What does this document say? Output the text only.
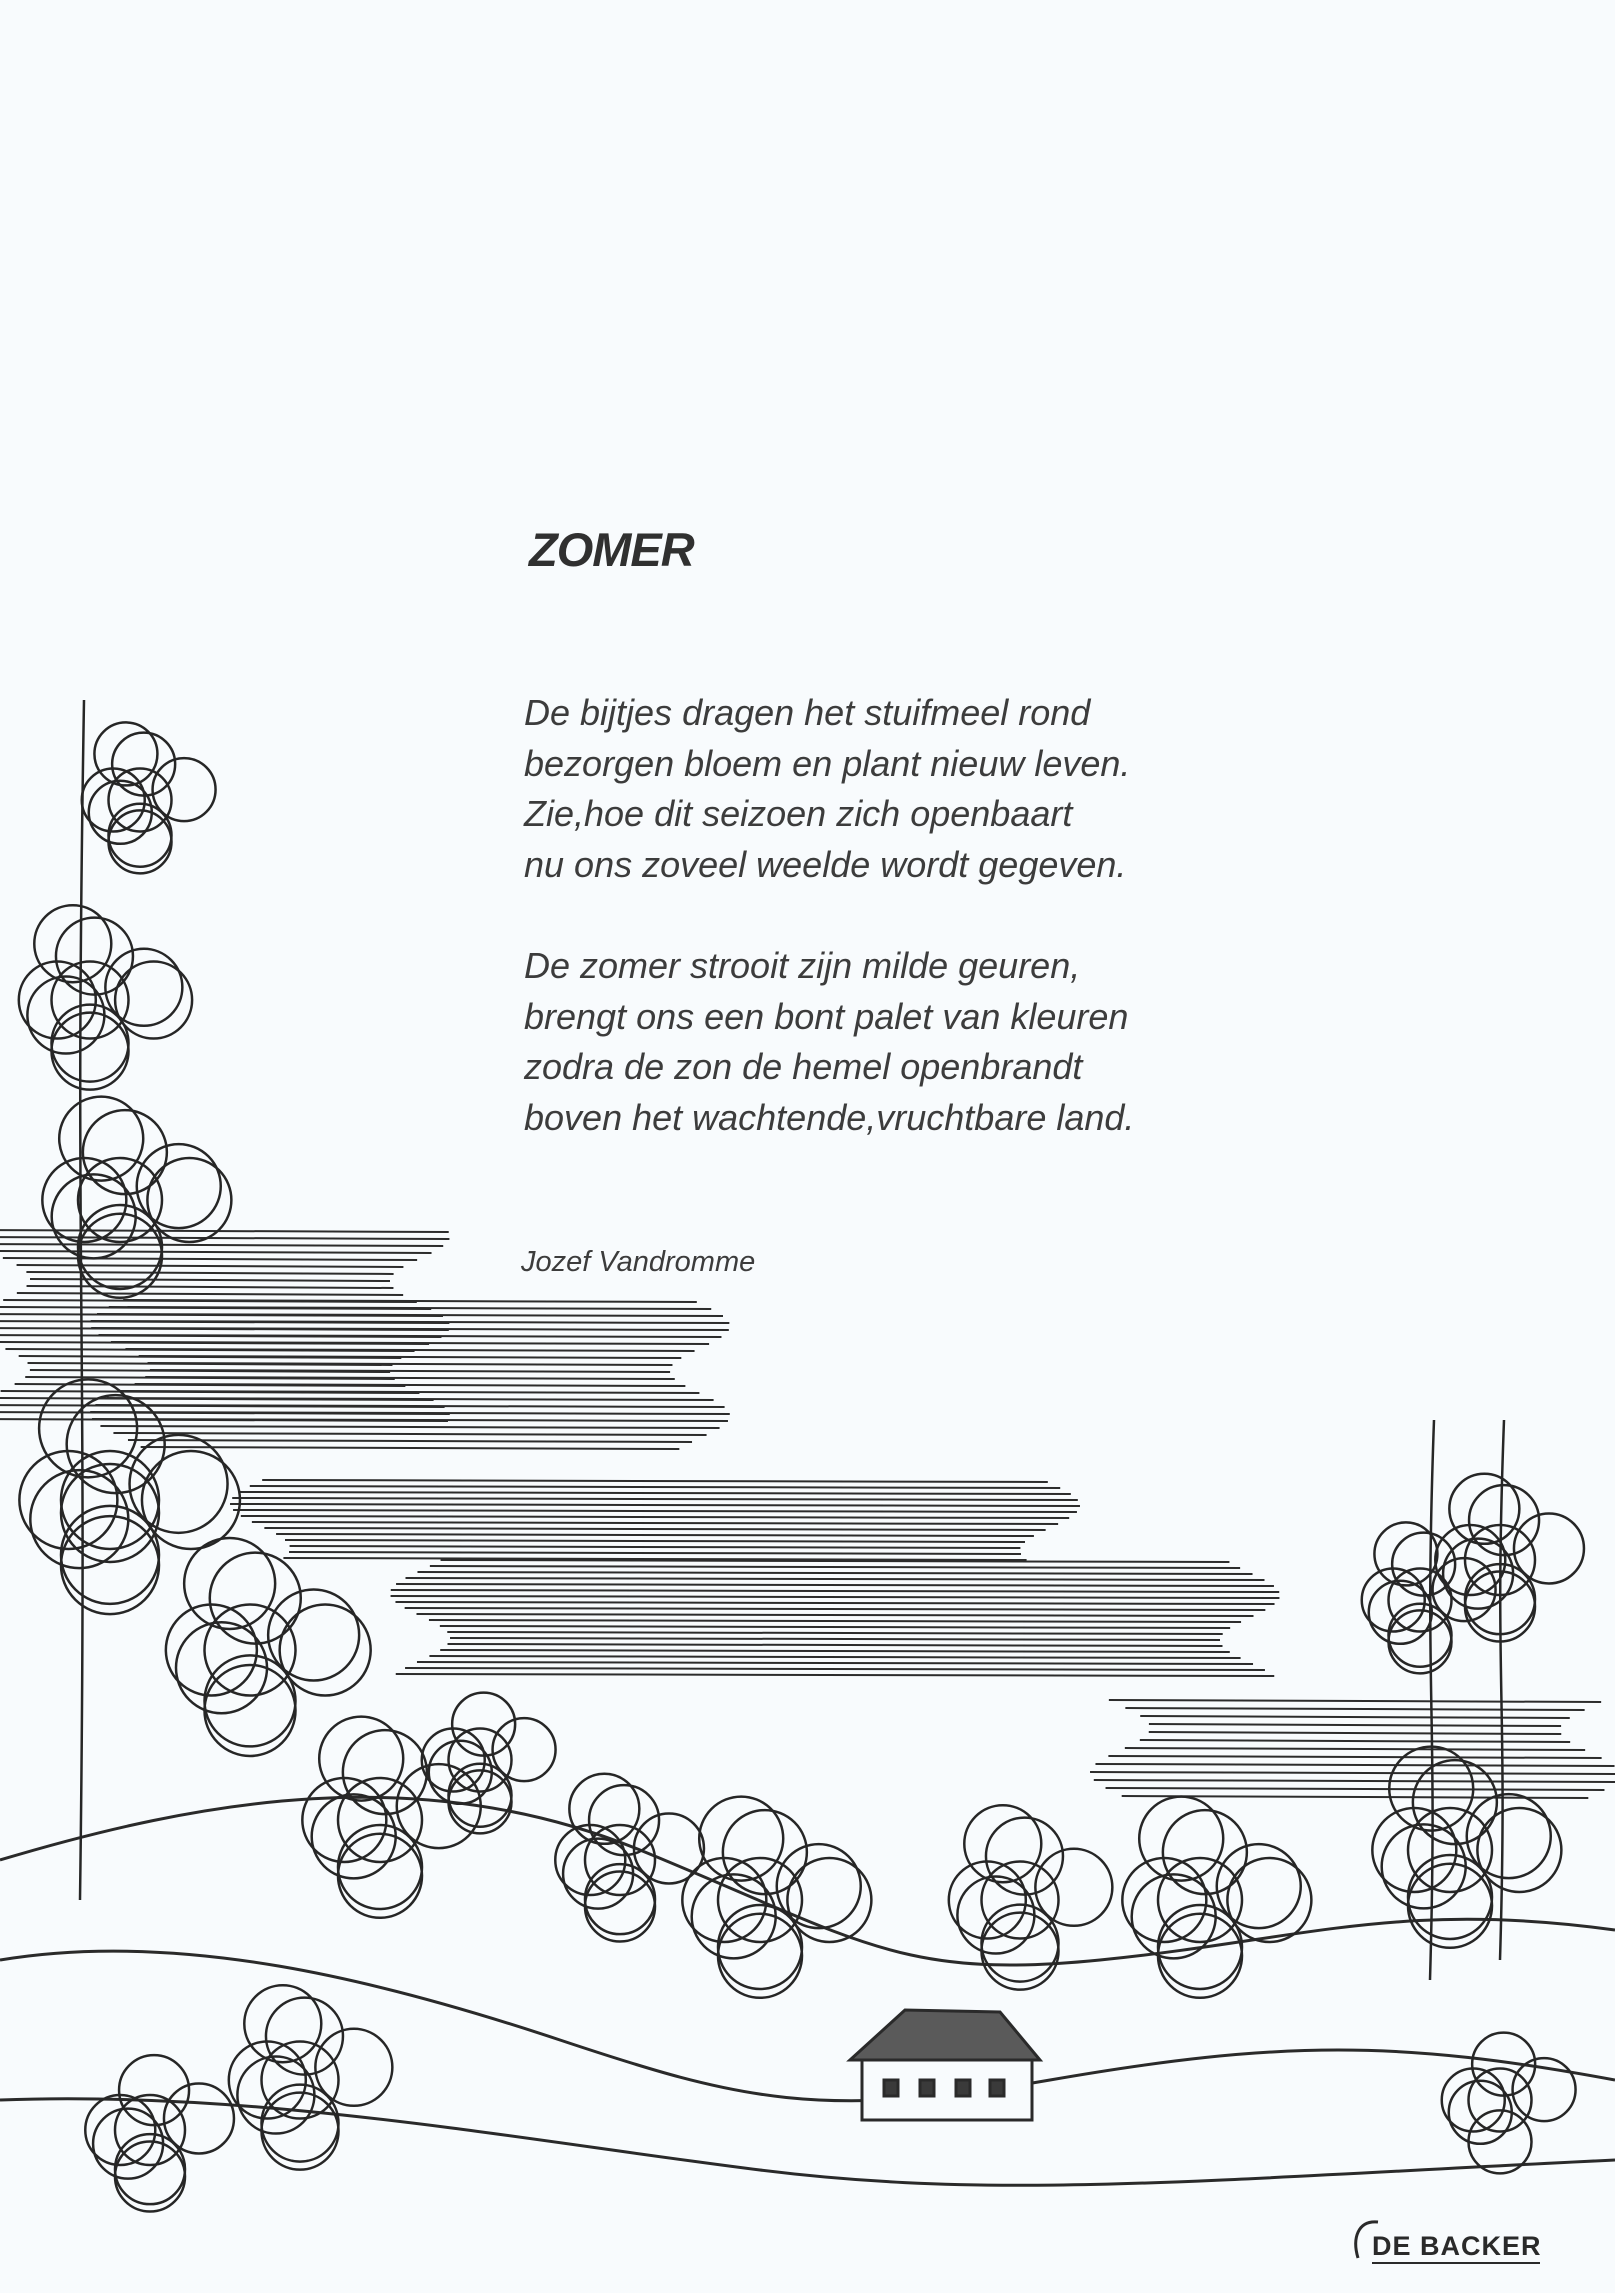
DE BACKER
ZOMER
De bijtjes dragen het stuifmeel rond
bezorgen bloem en plant nieuw leven.
Zie,hoe dit seizoen zich openbaart
nu ons zoveel weelde wordt gegeven.
De zomer strooit zijn milde geuren,
brengt ons een bont palet van kleuren
zodra de zon de hemel openbrandt
boven het wachtende,vruchtbare land.
Jozef Vandromme
